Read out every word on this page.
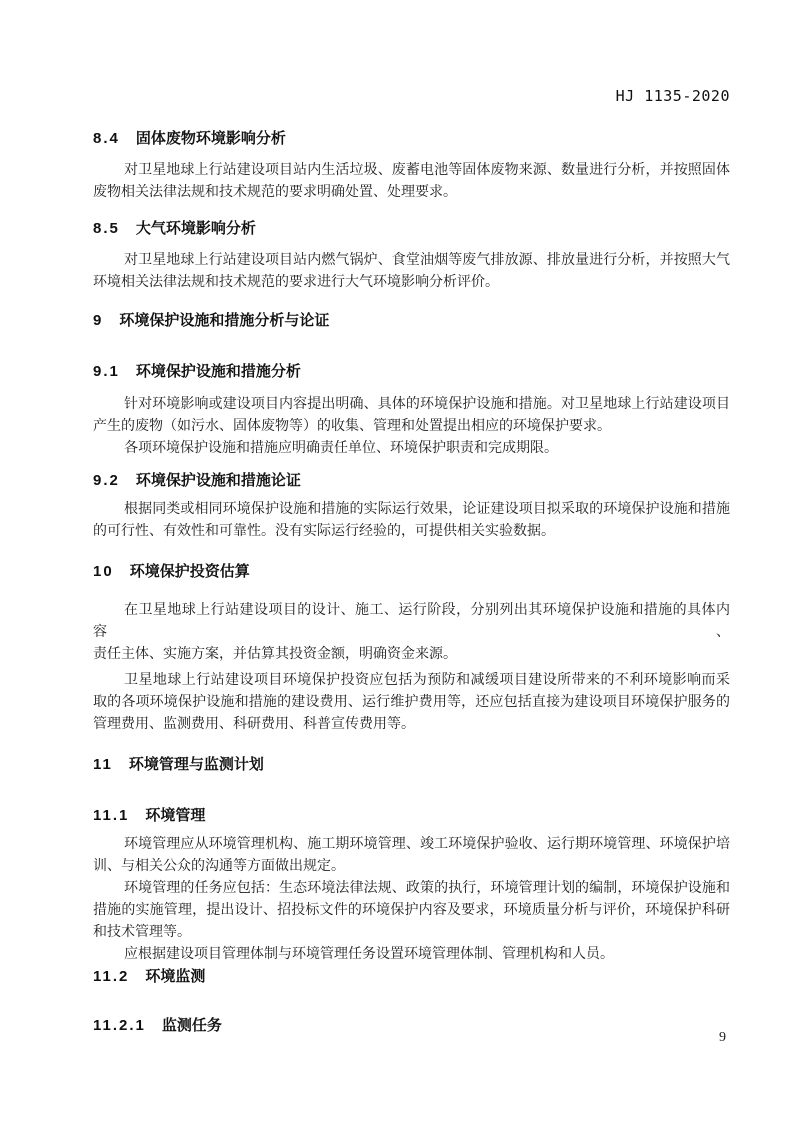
HJ 1135-2020
8.4 固体废物环境影响分析
对卫星地球上行站建设项目站内生活垃圾、废蓄电池等固体废物来源、数量进行分析，并按照固体
废物相关法律法规和技术规范的要求明确处置、处理要求。
8.5 大气环境影响分析
对卫星地球上行站建设项目站内燃气锅炉、食堂油烟等废气排放源、排放量进行分析，并按照大气
环境相关法律法规和技术规范的要求进行大气环境影响分析评价。
9 环境保护设施和措施分析与论证
9.1 环境保护设施和措施分析
针对环境影响或建设项目内容提出明确、具体的环境保护设施和措施。对卫星地球上行站建设项目
产生的废物（如污水、固体废物等）的收集、管理和处置提出相应的环境保护要求。
各项环境保护设施和措施应明确责任单位、环境保护职责和完成期限。
9.2 环境保护设施和措施论证
根据同类或相同环境保护设施和措施的实际运行效果，论证建设项目拟采取的环境保护设施和措施
的可行性、有效性和可靠性。没有实际运行经验的，可提供相关实验数据。
10 环境保护投资估算
在卫星地球上行站建设项目的设计、施工、运行阶段，分别列出其环境保护设施和措施的具体内容、
责任主体、实施方案，并估算其投资金额，明确资金来源。
卫星地球上行站建设项目环境保护投资应包括为预防和减缓项目建设所带来的不利环境影响而采
取的各项环境保护设施和措施的建设费用、运行维护费用等，还应包括直接为建设项目环境保护服务的
管理费用、监测费用、科研费用、科普宣传费用等。
11 环境管理与监测计划
11.1 环境管理
环境管理应从环境管理机构、施工期环境管理、竣工环境保护验收、运行期环境管理、环境保护培
训、与相关公众的沟通等方面做出规定。
环境管理的任务应包括：生态环境法律法规、政策的执行，环境管理计划的编制，环境保护设施和
措施的实施管理，提出设计、招投标文件的环境保护内容及要求，环境质量分析与评价，环境保护科研
和技术管理等。
应根据建设项目管理体制与环境管理任务设置环境管理体制、管理机构和人员。
11.2 环境监测
11.2.1 监测任务
9
